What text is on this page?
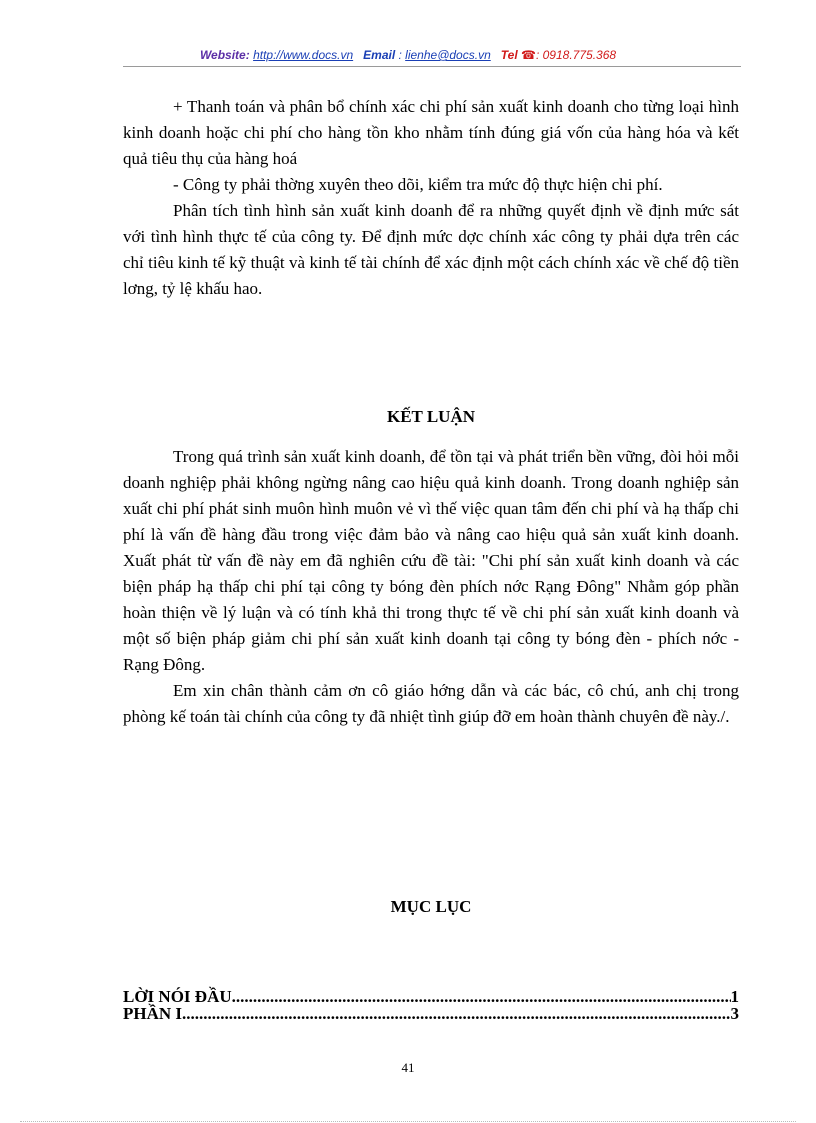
Website: http://www.docs.vn Email : lienhe@docs.vn Tel ☎: 0918.775.368

+ Thanh toán và phân bổ chính xác chi phí sản xuất kinh doanh cho từng loại hình kinh doanh hoặc chi phí cho hàng tồn kho nhằm tính đúng giá vốn của hàng hóa và kết quả tiêu thụ của hàng hoá

- Công ty phải thờng xuyên theo dõi, kiểm tra mức độ thực hiện chi phí.

Phân tích tình hình sản xuất kinh doanh để ra những quyết định về định mức sát với tình hình thực tế của công ty. Để định mức dợc chính xác công ty phải dựa trên các chỉ tiêu kinh tế kỹ thuật và kinh tế tài chính để xác định một cách chính xác về chế độ tiền lơng, tỷ lệ khấu hao.

KẾT LUẬN

Trong quá trình sản xuất kinh doanh, để tồn tại và phát triển bền vững, đòi hỏi mỗi doanh nghiệp phải không ngừng nâng cao hiệu quả kinh doanh. Trong doanh nghiệp sản xuất chi phí phát sinh muôn hình muôn vẻ vì thế việc quan tâm đến chi phí và hạ thấp chi phí là vấn đề hàng đầu trong việc đảm bảo và nâng cao hiệu quả sản xuất kinh doanh. Xuất phát từ vấn đề này em đã nghiên cứu đề tài: "Chi phí sản xuất kinh doanh và các biện pháp hạ thấp chi phí tại công ty bóng đèn phích nớc Rạng Đông" Nhằm góp phần hoàn thiện về lý luận và có tính khả thi trong thực tế về chi phí sản xuất kinh doanh và một số biện pháp giảm chi phí sản xuất kinh doanh tại công ty bóng đèn - phích nớc - Rạng Đông.

Em xin chân thành cảm ơn cô giáo hớng dẫn và các bác, cô chú, anh chị trong phòng kế toán tài chính của công ty đã nhiệt tình giúp đỡ em hoàn thành chuyên đề này./.

MỤC LỤC
LỜI NÓI ĐẦU .....	1
PHẦN I .....	3
41
